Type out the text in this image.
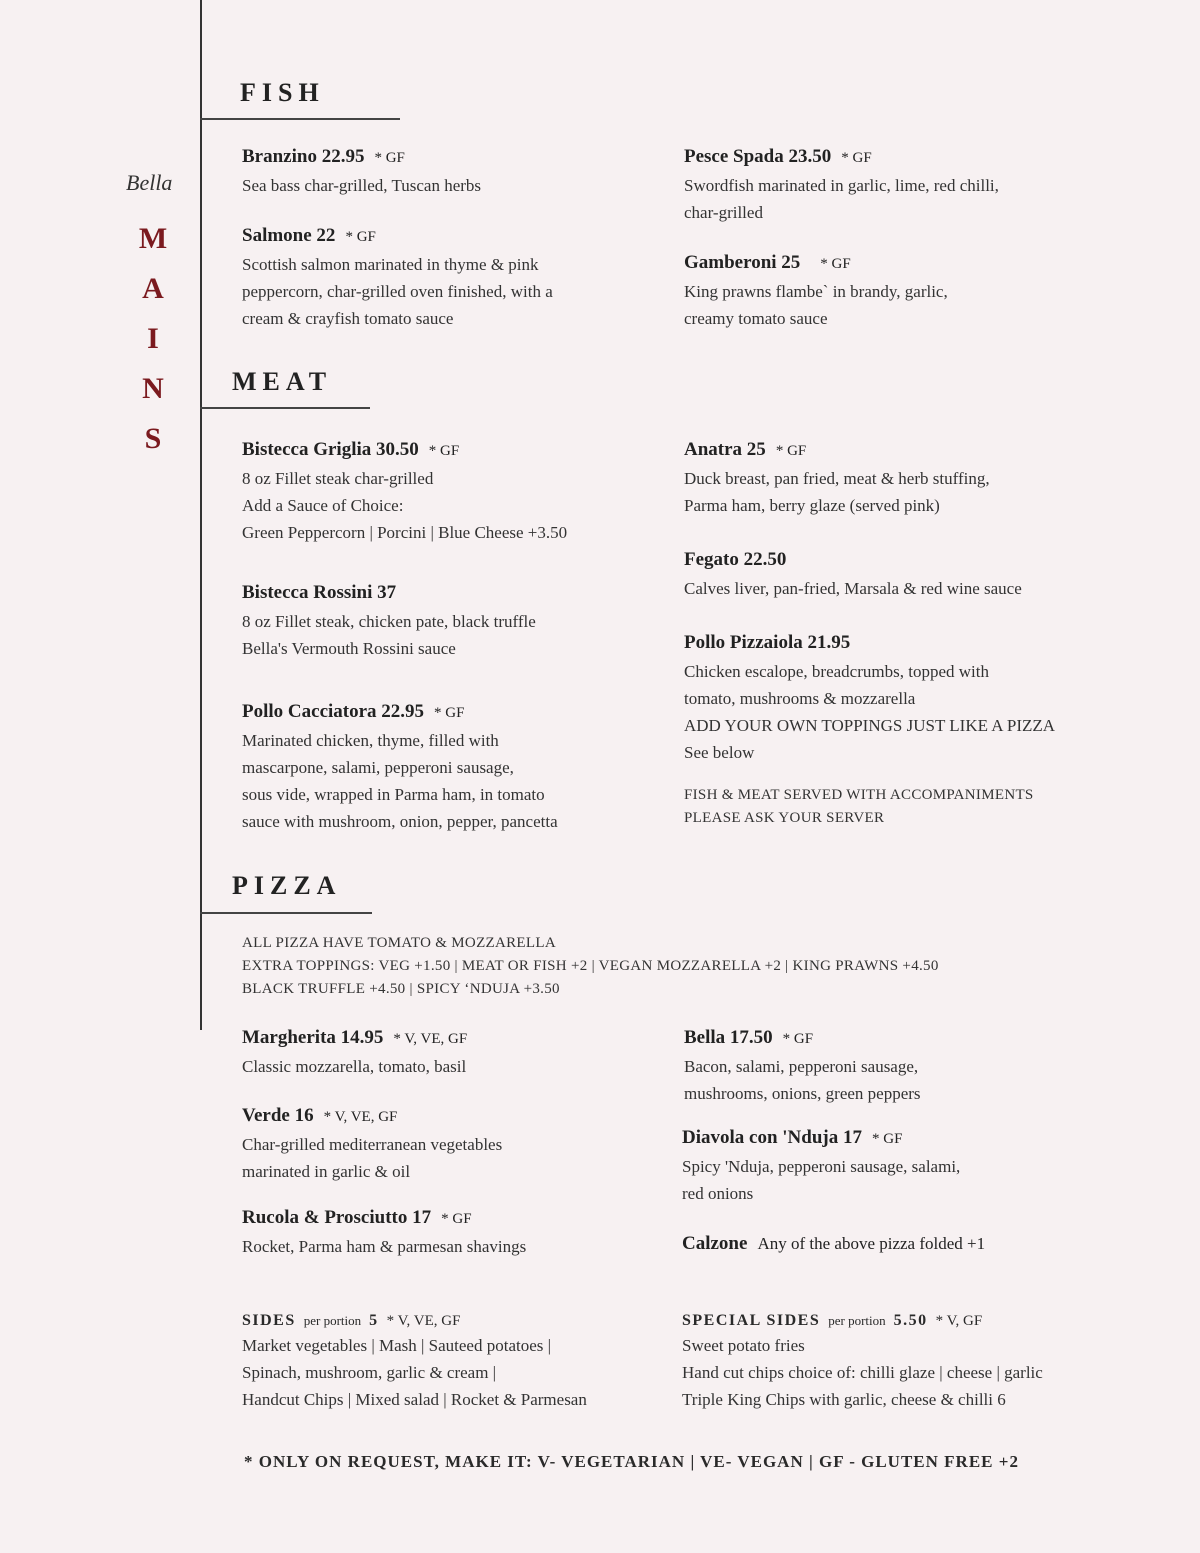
Bella
M
A
I
N
S
FISH
Branzino 22.95 * GF
Sea bass char-grilled, Tuscan herbs
Salmone 22 * GF
Scottish salmon marinated in thyme & pink
peppercorn, char-grilled oven finished, with a
cream & crayfish tomato sauce
Pesce Spada 23.50 * GF
Swordfish marinated in garlic, lime, red chilli,
char-grilled
Gamberoni 25 * GF
King prawns flambe` in brandy, garlic,
creamy tomato sauce
MEAT
Bistecca Griglia 30.50 * GF
8 oz Fillet steak char-grilled
Add a Sauce of Choice:
Green Peppercorn | Porcini | Blue Cheese +3.50
Bistecca Rossini 37
8 oz Fillet steak, chicken pate, black truffle
Bella's Vermouth Rossini sauce
Pollo Cacciatora 22.95 * GF
Marinated chicken, thyme, filled with
mascarpone, salami, pepperoni sausage,
sous vide, wrapped in Parma ham, in tomato
sauce with mushroom, onion, pepper, pancetta
Anatra 25 * GF
Duck breast, pan fried, meat & herb stuffing,
Parma ham, berry glaze (served pink)
Fegato 22.50
Calves liver, pan-fried, Marsala & red wine sauce
Pollo Pizzaiola 21.95
Chicken escalope, breadcrumbs, topped with
tomato, mushrooms & mozzarella
ADD YOUR OWN TOPPINGS JUST LIKE A PIZZA
See below
FISH & MEAT SERVED WITH ACCOMPANIMENTS
PLEASE ASK YOUR SERVER
PIZZA
ALL PIZZA HAVE TOMATO & MOZZARELLA
EXTRA TOPPINGS: VEG +1.50 | MEAT OR FISH +2 | VEGAN MOZZARELLA +2 | KING PRAWNS +4.50
BLACK TRUFFLE +4.50 | SPICY ‘NDUJA +3.50
Margherita 14.95 * V, VE, GF
Classic mozzarella, tomato, basil
Verde 16 * V, VE, GF
Char-grilled mediterranean vegetables
marinated in garlic & oil
Rucola & Prosciutto 17 * GF
Rocket, Parma ham & parmesan shavings
Bella 17.50 * GF
Bacon, salami, pepperoni sausage,
mushrooms, onions, green peppers
Diavola con 'Nduja 17 * GF
Spicy 'Nduja, pepperoni sausage, salami,
red onions
Calzone Any of the above pizza folded +1
SIDES per portion 5 * V, VE, GF
Market vegetables | Mash | Sauteed potatoes |
Spinach, mushroom, garlic & cream |
Handcut Chips | Mixed salad | Rocket & Parmesan
SPECIAL SIDES per portion 5.50 * V, GF
Sweet potato fries
Hand cut chips choice of: chilli glaze | cheese | garlic
Triple King Chips with garlic, cheese & chilli 6
* ONLY ON REQUEST, MAKE IT: V- VEGETARIAN | VE- VEGAN | GF - GLUTEN FREE +2
